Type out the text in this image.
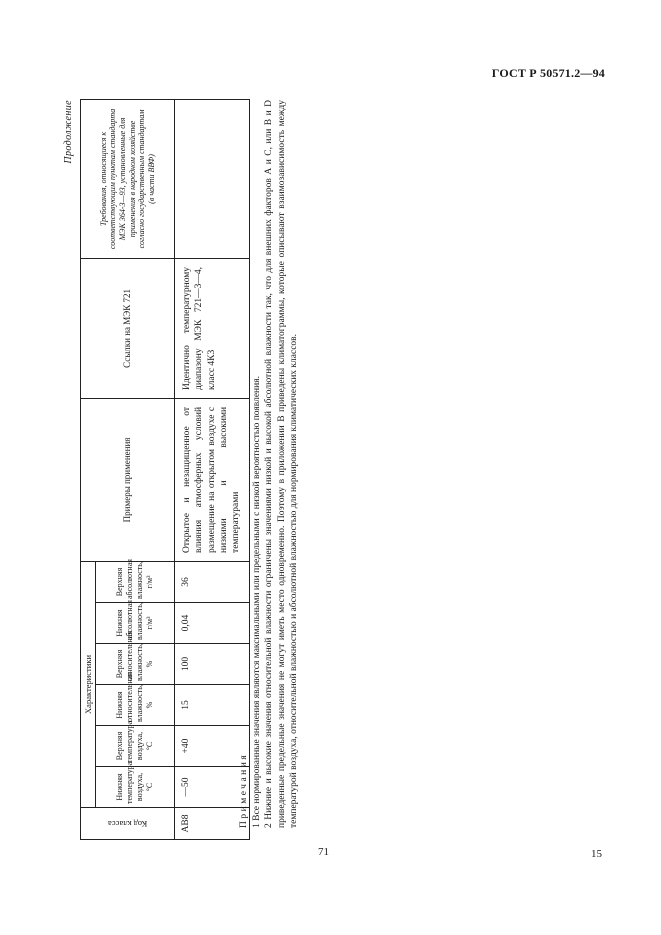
ГОСТ Р 50571.2—94
Продолжение
Код класса	Характеристики						Примеры применения	Ссылки на МЭК 721	Требования, относящиеся к соответствующим пунктам стандарта МЭК 364-3—93, установленные для применения в народном хозяйстве согласно государственным стандартам (в части ВВФ)
	Нижняя температура воздуха, °С	Верхняя температура воздуха, °С	Нижняя относительная влажность, %	Верхняя относительная влажность, %	Нижняя абсолютная влажность, г/м³	Верхняя абсолютная влажность, г/м³			
AB8	—50	+40	15	100	0,04	36	Открытое и незащищенное от влияния атмосферных условий размещение на открытом воздухе с низкими и высокими температурами	Идентично температурному диапазону МЭК 721—3—4, класс 4К3	

Примечания 1 Все нормированные значения являются максимальными или предельными с низкой вероятностью появления. 2 Нижние и высокие значения относительной влажности ограничены значениями низкой и высокой абсолютной влажности так, что для внешних факторов А и С, или В и D приведенные предельные значения не могут иметь место одновременно. Поэтому в приложении В приведены климатограммы, которые описывают взаимозависимость между температурой воздуха, относительной влажностью и абсолютной влажностью для нормирования климатических классов.

71	15
